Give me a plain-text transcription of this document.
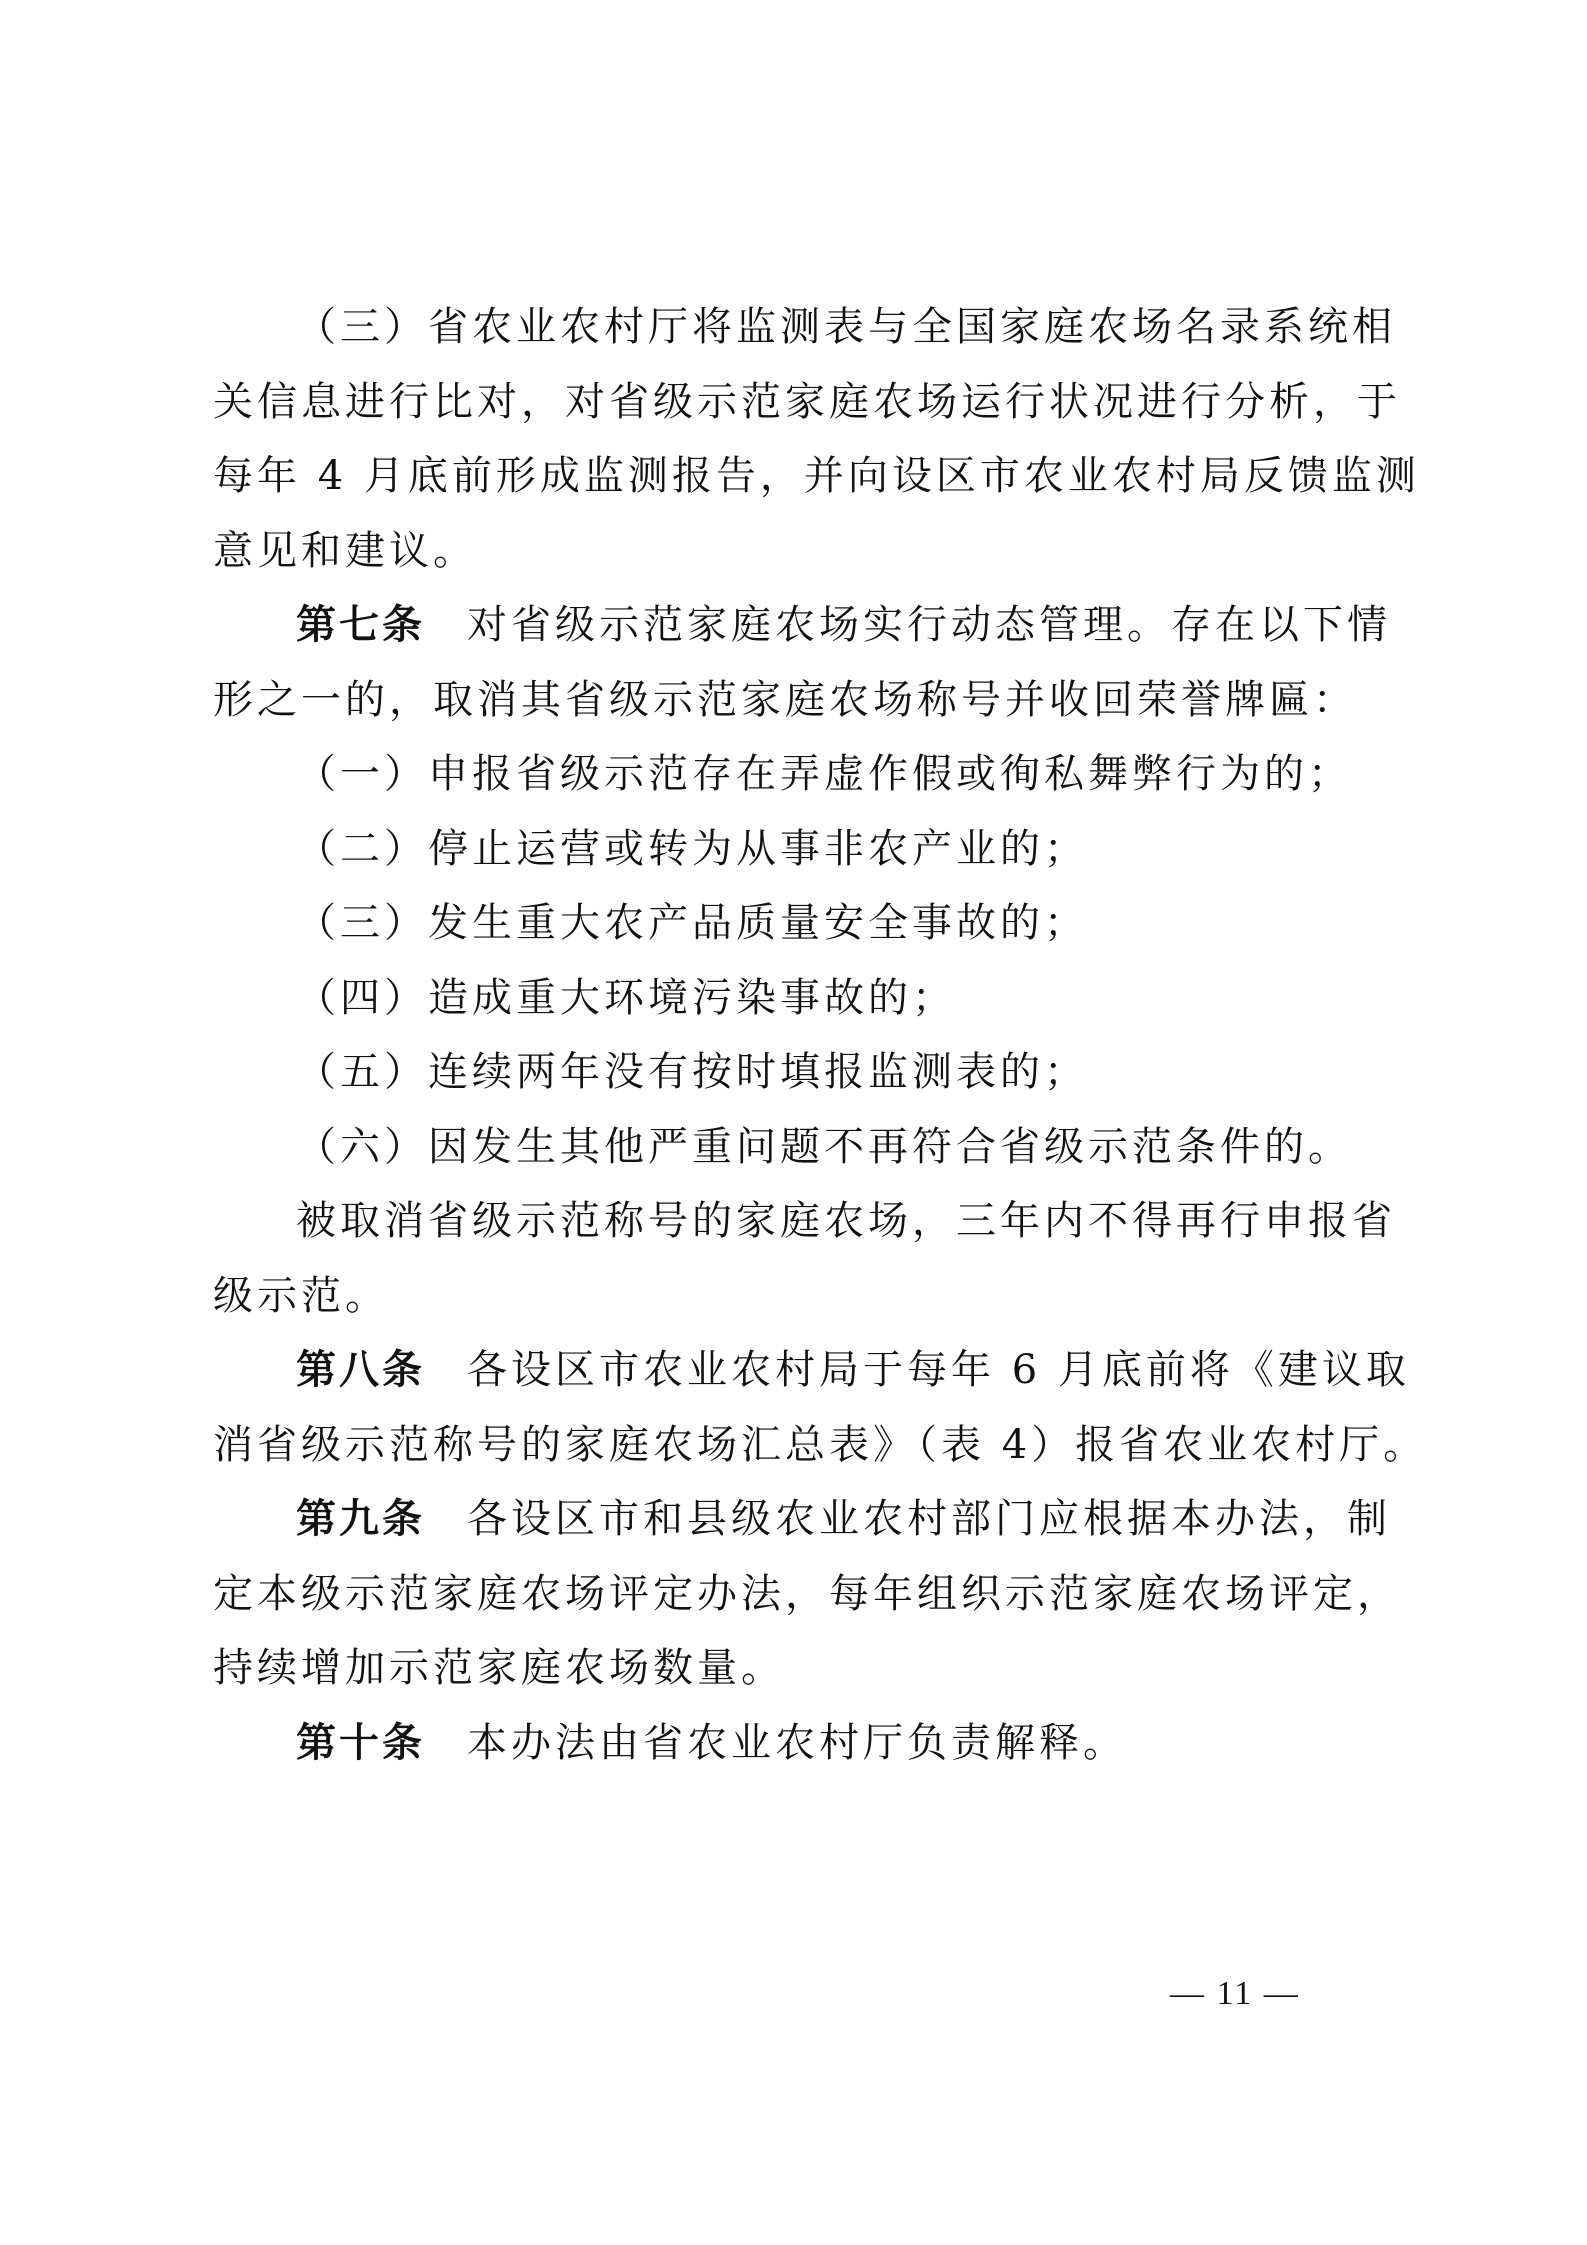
（三）省农业农村厅将监测表与全国家庭农场名录系统相
关信息进行比对，对省级示范家庭农场运行状况进行分析，于
每年 4 月底前形成监测报告，并向设区市农业农村局反馈监测
意见和建议。
第七条 对省级示范家庭农场实行动态管理。存在以下情
形之一的，取消其省级示范家庭农场称号并收回荣誉牌匾：
（一）申报省级示范存在弄虚作假或徇私舞弊行为的；
（二）停止运营或转为从事非农产业的；
（三）发生重大农产品质量安全事故的；
（四）造成重大环境污染事故的；
（五）连续两年没有按时填报监测表的；
（六）因发生其他严重问题不再符合省级示范条件的。
被取消省级示范称号的家庭农场，三年内不得再行申报省
级示范。
第八条 各设区市农业农村局于每年 6 月底前将《建议取
消省级示范称号的家庭农场汇总表》（表 4）报省农业农村厅。
第九条 各设区市和县级农业农村部门应根据本办法，制
定本级示范家庭农场评定办法，每年组织示范家庭农场评定，
持续增加示范家庭农场数量。
第十条 本办法由省农业农村厅负责解释。
— 11 —
